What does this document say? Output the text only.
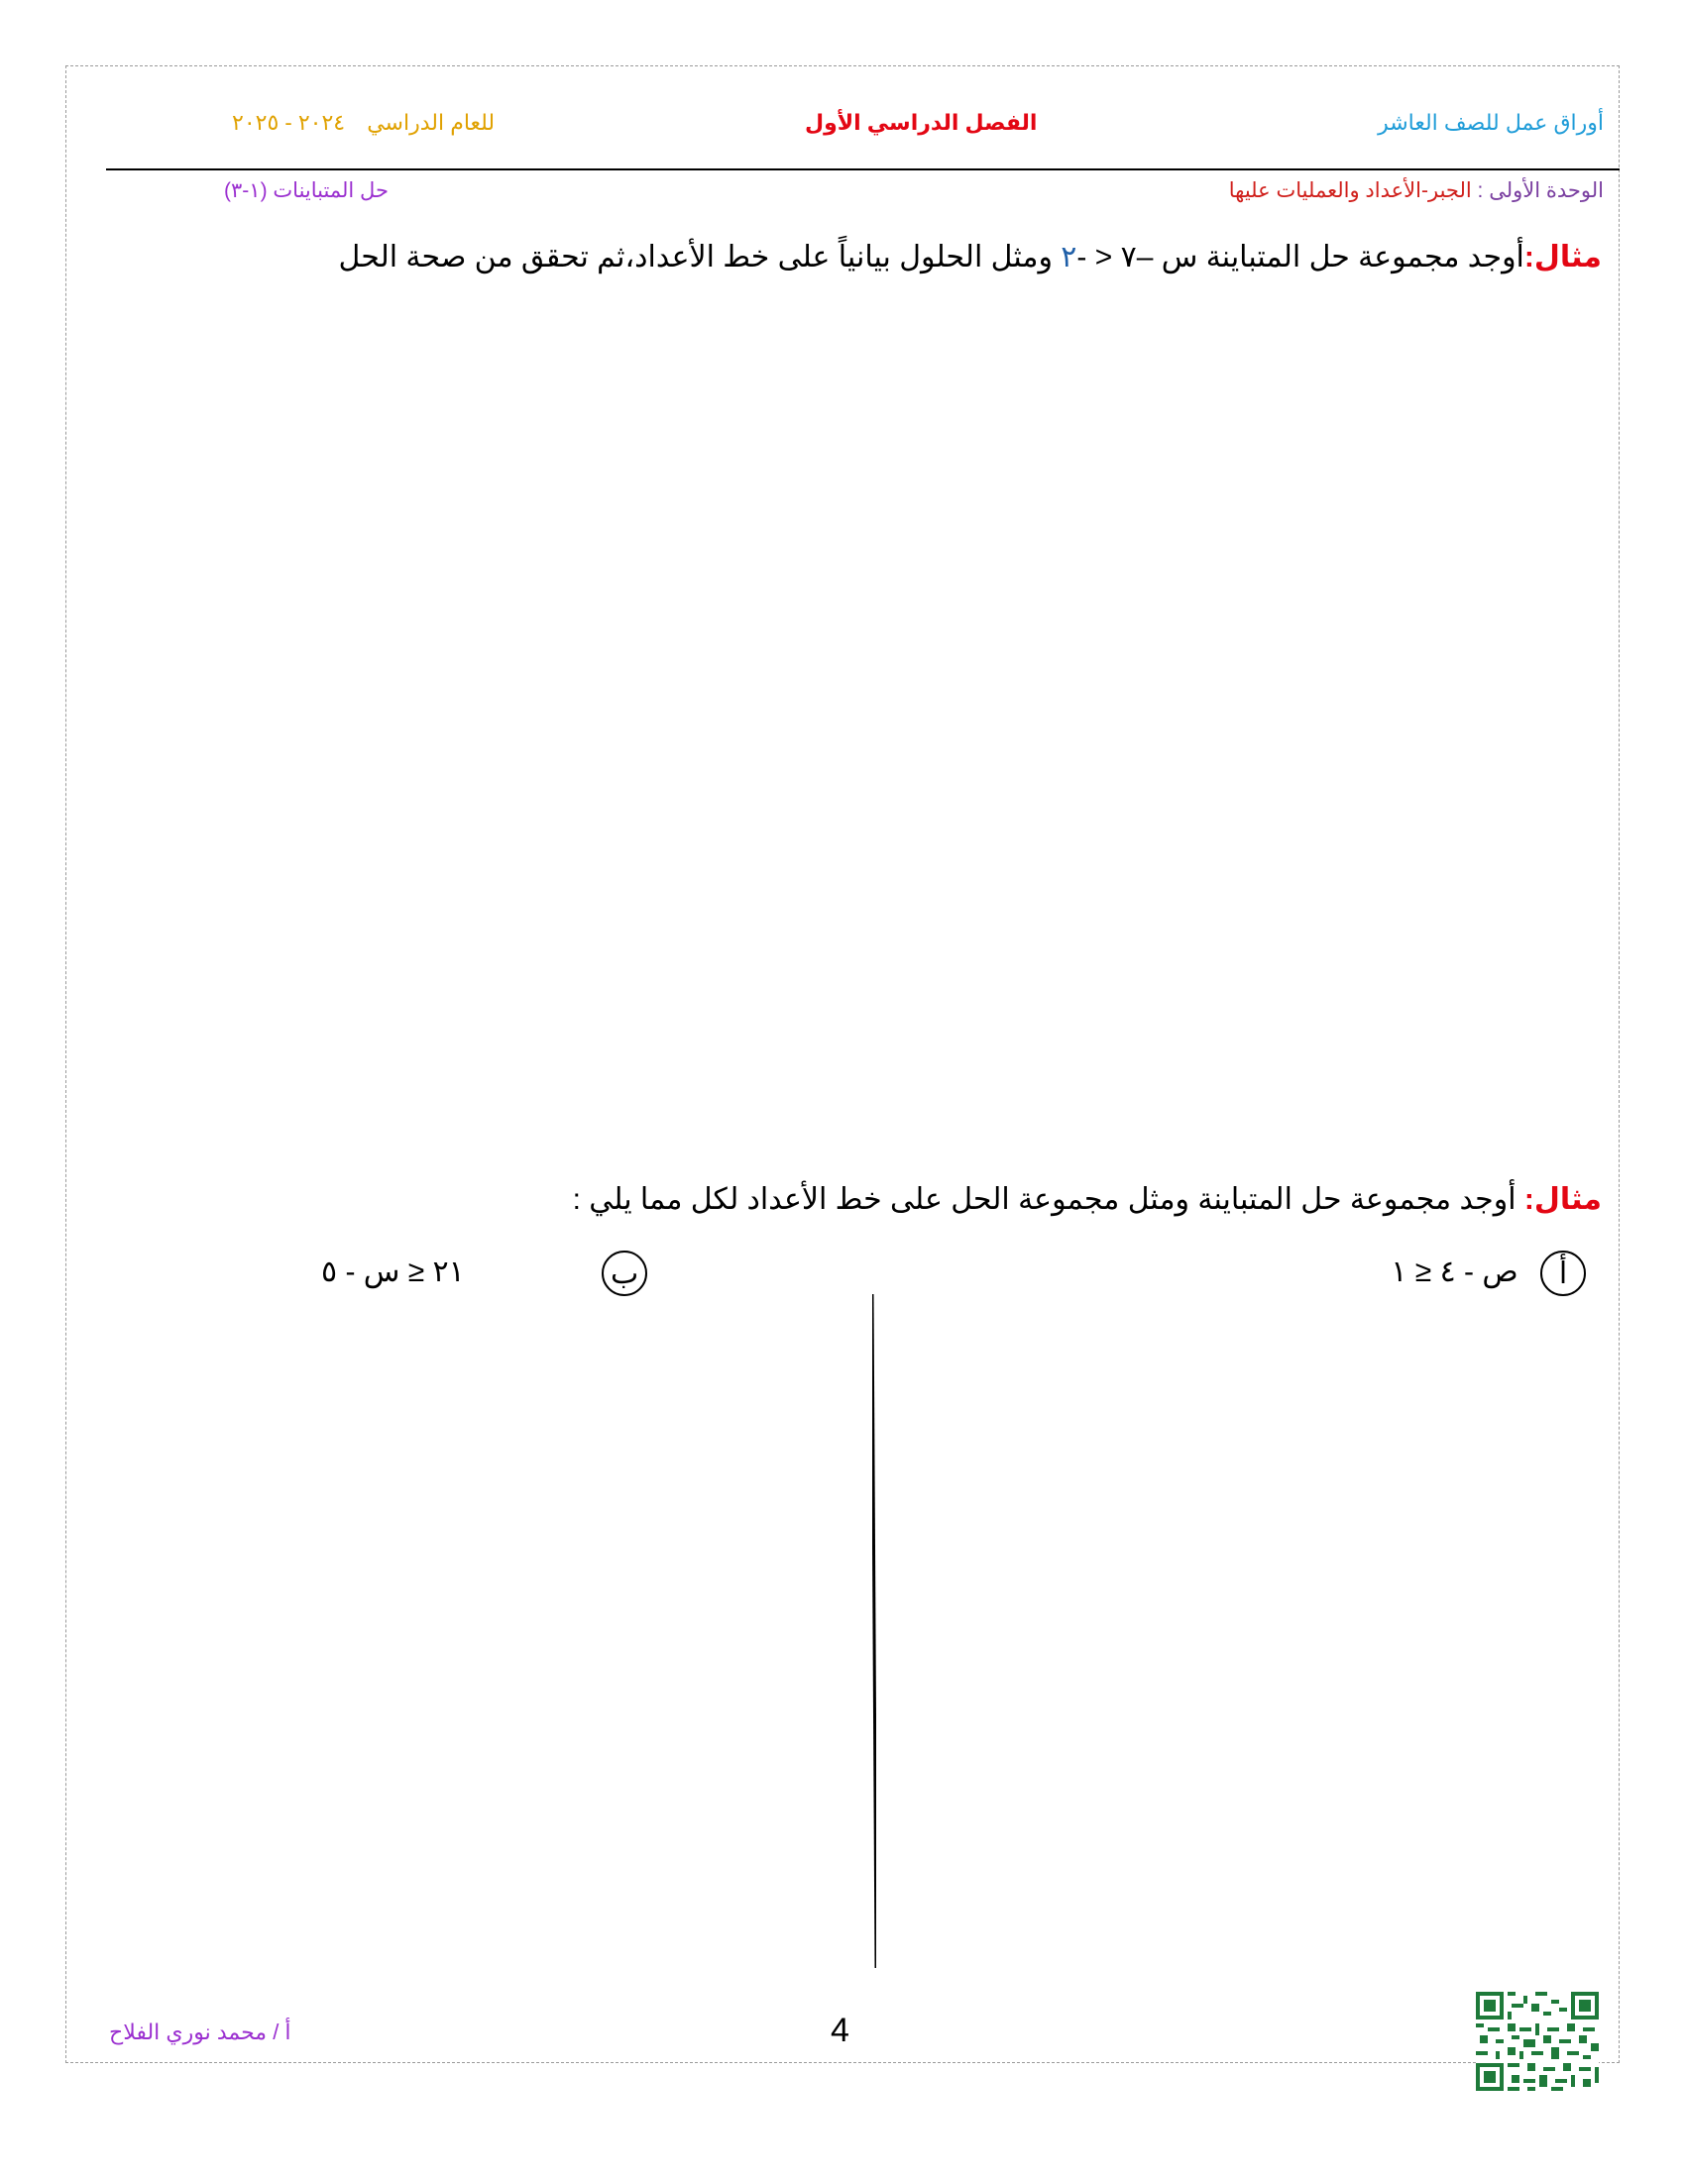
أوراق عمل للصف العاشر
الفصل الدراسي الأول
للعام الدراسي ٢٠٢٤ - ٢٠٢٥
الوحدة الأولى : الجبر-الأعداد والعمليات عليها
حل المتباينات (١-٣)
مثال:أوجد مجموعة حل المتباينة س –٧ < -٢ ومثل الحلول بيانياً على خط الأعداد،ثم تحقق من صحة الحل
مثال: أوجد مجموعة حل المتباينة ومثل مجموعة الحل على خط الأعداد لكل مما يلي :
أ ص - ٤ ≤ ١
١٢ ≤ س - ٥	ب
أ / محمد نوري الفلاح	4
